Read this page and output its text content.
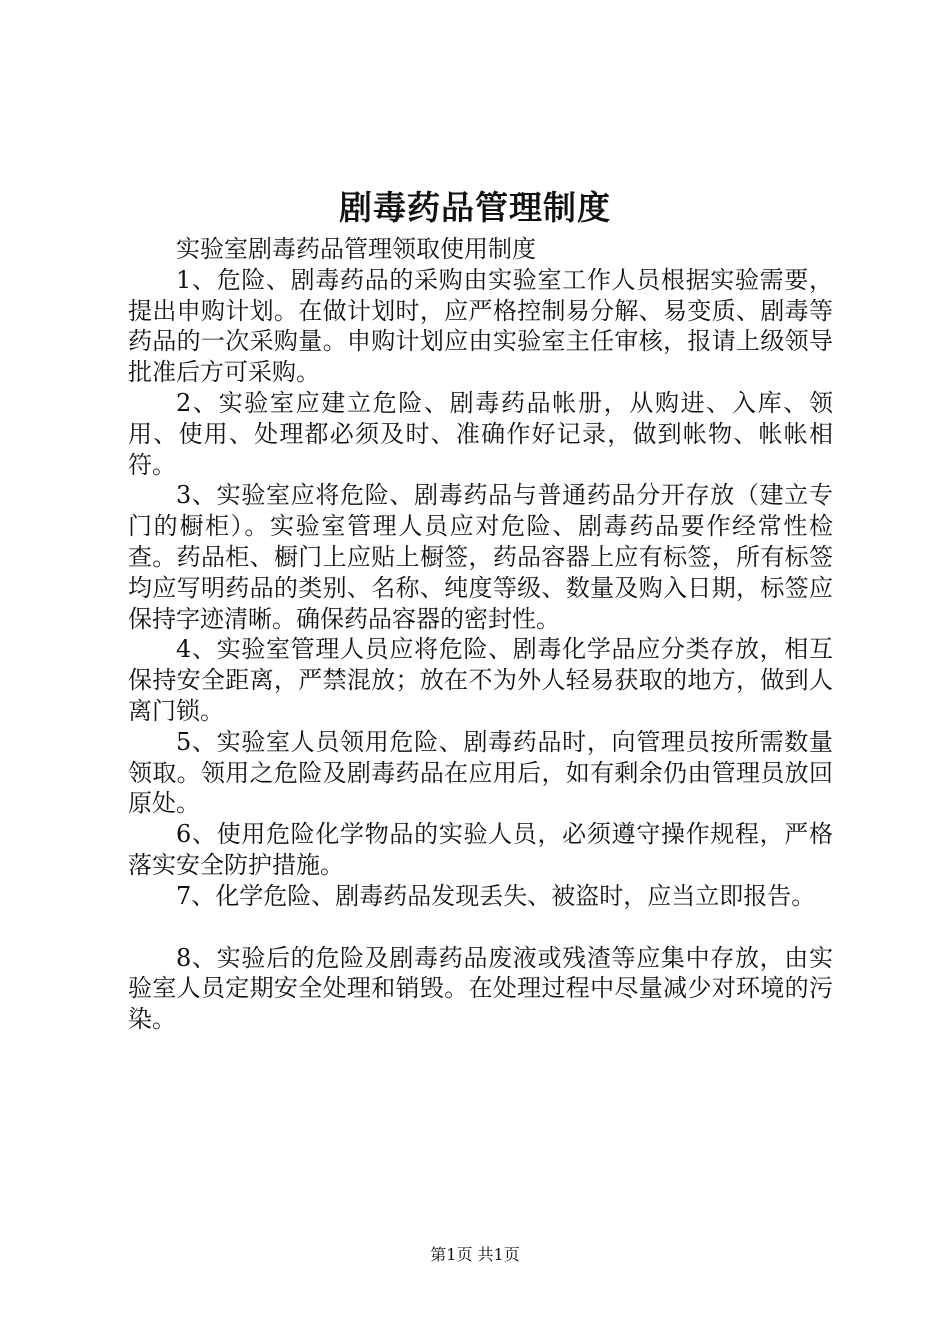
剧毒药品管理制度

实验室剧毒药品管理领取使用制度

1、危险、剧毒药品的采购由实验室工作人员根据实验需要，提出申购计划。在做计划时，应严格控制易分解、易变质、剧毒等药品的一次采购量。申购计划应由实验室主任审核，报请上级领导批准后方可采购。

2、实验室应建立危险、剧毒药品帐册，从购进、入库、领用、使用、处理都必须及时、准确作好记录，做到帐物、帐帐相符。

3、实验室应将危险、剧毒药品与普通药品分开存放（建立专门的橱柜）。实验室管理人员应对危险、剧毒药品要作经常性检查。药品柜、橱门上应贴上橱签，药品容器上应有标签，所有标签均应写明药品的类别、名称、纯度等级、数量及购入日期，标签应保持字迹清晰。确保药品容器的密封性。

4、实验室管理人员应将危险、剧毒化学品应分类存放，相互保持安全距离，严禁混放；放在不为外人轻易获取的地方，做到人离门锁。

5、实验室人员领用危险、剧毒药品时，向管理员按所需数量领取。领用之危险及剧毒药品在应用后，如有剩余仍由管理员放回原处。

6、使用危险化学物品的实验人员，必须遵守操作规程，严格落实安全防护措施。

7、化学危险、剧毒药品发现丢失、被盗时，应当立即报告。

8、实验后的危险及剧毒药品废液或残渣等应集中存放，由实验室人员定期安全处理和销毁。在处理过程中尽量减少对环境的污染。

第1页 共1页
